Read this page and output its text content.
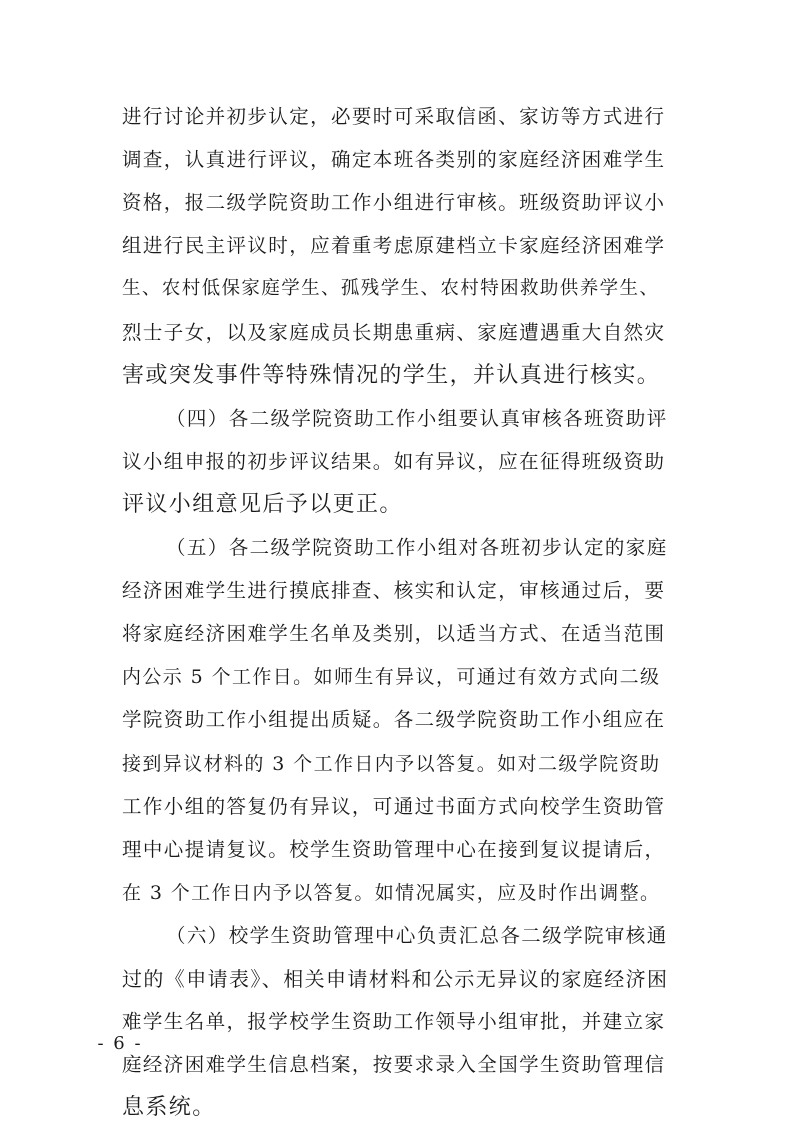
进行讨论并初步认定，必要时可采取信函、家访等方式进行
调查，认真进行评议，确定本班各类别的家庭经济困难学生
资格，报二级学院资助工作小组进行审核。班级资助评议小
组进行民主评议时，应着重考虑原建档立卡家庭经济困难学
生、农村低保家庭学生、孤残学生、农村特困救助供养学生、
烈士子女，以及家庭成员长期患重病、家庭遭遇重大自然灾
害或突发事件等特殊情况的学生，并认真进行核实。
（四）各二级学院资助工作小组要认真审核各班资助评
议小组申报的初步评议结果。如有异议，应在征得班级资助
评议小组意见后予以更正。
（五）各二级学院资助工作小组对各班初步认定的家庭
经济困难学生进行摸底排查、核实和认定，审核通过后，要
将家庭经济困难学生名单及类别，以适当方式、在适当范围
内公示 5 个工作日。如师生有异议，可通过有效方式向二级
学院资助工作小组提出质疑。各二级学院资助工作小组应在
接到异议材料的 3 个工作日内予以答复。如对二级学院资助
工作小组的答复仍有异议，可通过书面方式向校学生资助管
理中心提请复议。校学生资助管理中心在接到复议提请后，
在 3 个工作日内予以答复。如情况属实，应及时作出调整。
（六）校学生资助管理中心负责汇总各二级学院审核通
过的《申请表》、相关申请材料和公示无异议的家庭经济困
难学生名单，报学校学生资助工作领导小组审批，并建立家
庭经济困难学生信息档案，按要求录入全国学生资助管理信
息系统。
- 6 -
